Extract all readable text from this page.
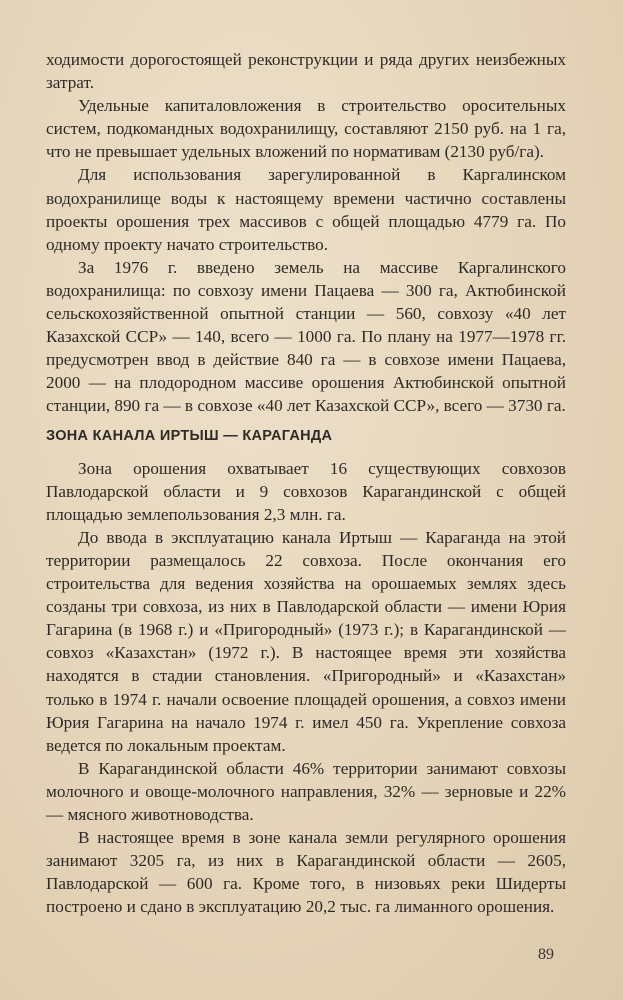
ходимости дорогостоящей реконструкции и ряда других неизбежных затрат.

Удельные капиталовложения в строительство оросительных систем, подкомандных водохранилищу, составляют 2150 руб. на 1 га, что не превышает удельных вложений по нормативам (2130 руб/га).

Для использования зарегулированной в Каргалинском водохранилище воды к настоящему времени частично составлены проекты орошения трех массивов с общей площадью 4779 га. По одному проекту начато строительство.

За 1976 г. введено земель на массиве Каргалинского водохранилища: по совхозу имени Пацаева — 300 га, Актюбинской сельскохозяйственной опытной станции — 560, совхозу «40 лет Казахской ССР» — 140, всего — 1000 га. По плану на 1977—1978 гг. предусмотрен ввод в действие 840 га — в совхозе имени Пацаева, 2000 — на плодородном массиве орошения Актюбинской опытной станции, 890 га — в совхозе «40 лет Казахской ССР», всего — 3730 га.

ЗОНА КАНАЛА ИРТЫШ — КАРАГАНДА

Зона орошения охватывает 16 существующих совхозов Павлодарской области и 9 совхозов Карагандинской с общей площадью землепользования 2,3 млн. га.

До ввода в эксплуатацию канала Иртыш — Караганда на этой территории размещалось 22 совхоза. После окончания его строительства для ведения хозяйства на орошаемых землях здесь созданы три совхоза, из них в Павлодарской области — имени Юрия Гагарина (в 1968 г.) и «Пригородный» (1973 г.); в Карагандинской — совхоз «Казахстан» (1972 г.). В настоящее время эти хозяйства находятся в стадии становления. «Пригородный» и «Казахстан» только в 1974 г. начали освоение площадей орошения, а совхоз имени Юрия Гагарина на начало 1974 г. имел 450 га. Укрепление совхоза ведется по локальным проектам.

В Карагандинской области 46% территории занимают совхозы молочного и овоще-молочного направления, 32% — зерновые и 22% — мясного животноводства.

В настоящее время в зоне канала земли регулярного орошения занимают 3205 га, из них в Карагандинской области — 2605, Павлодарской — 600 га. Кроме того, в низовьях реки Шидерты построено и сдано в эксплуатацию 20,2 тыс. га лиманного орошения.

89
